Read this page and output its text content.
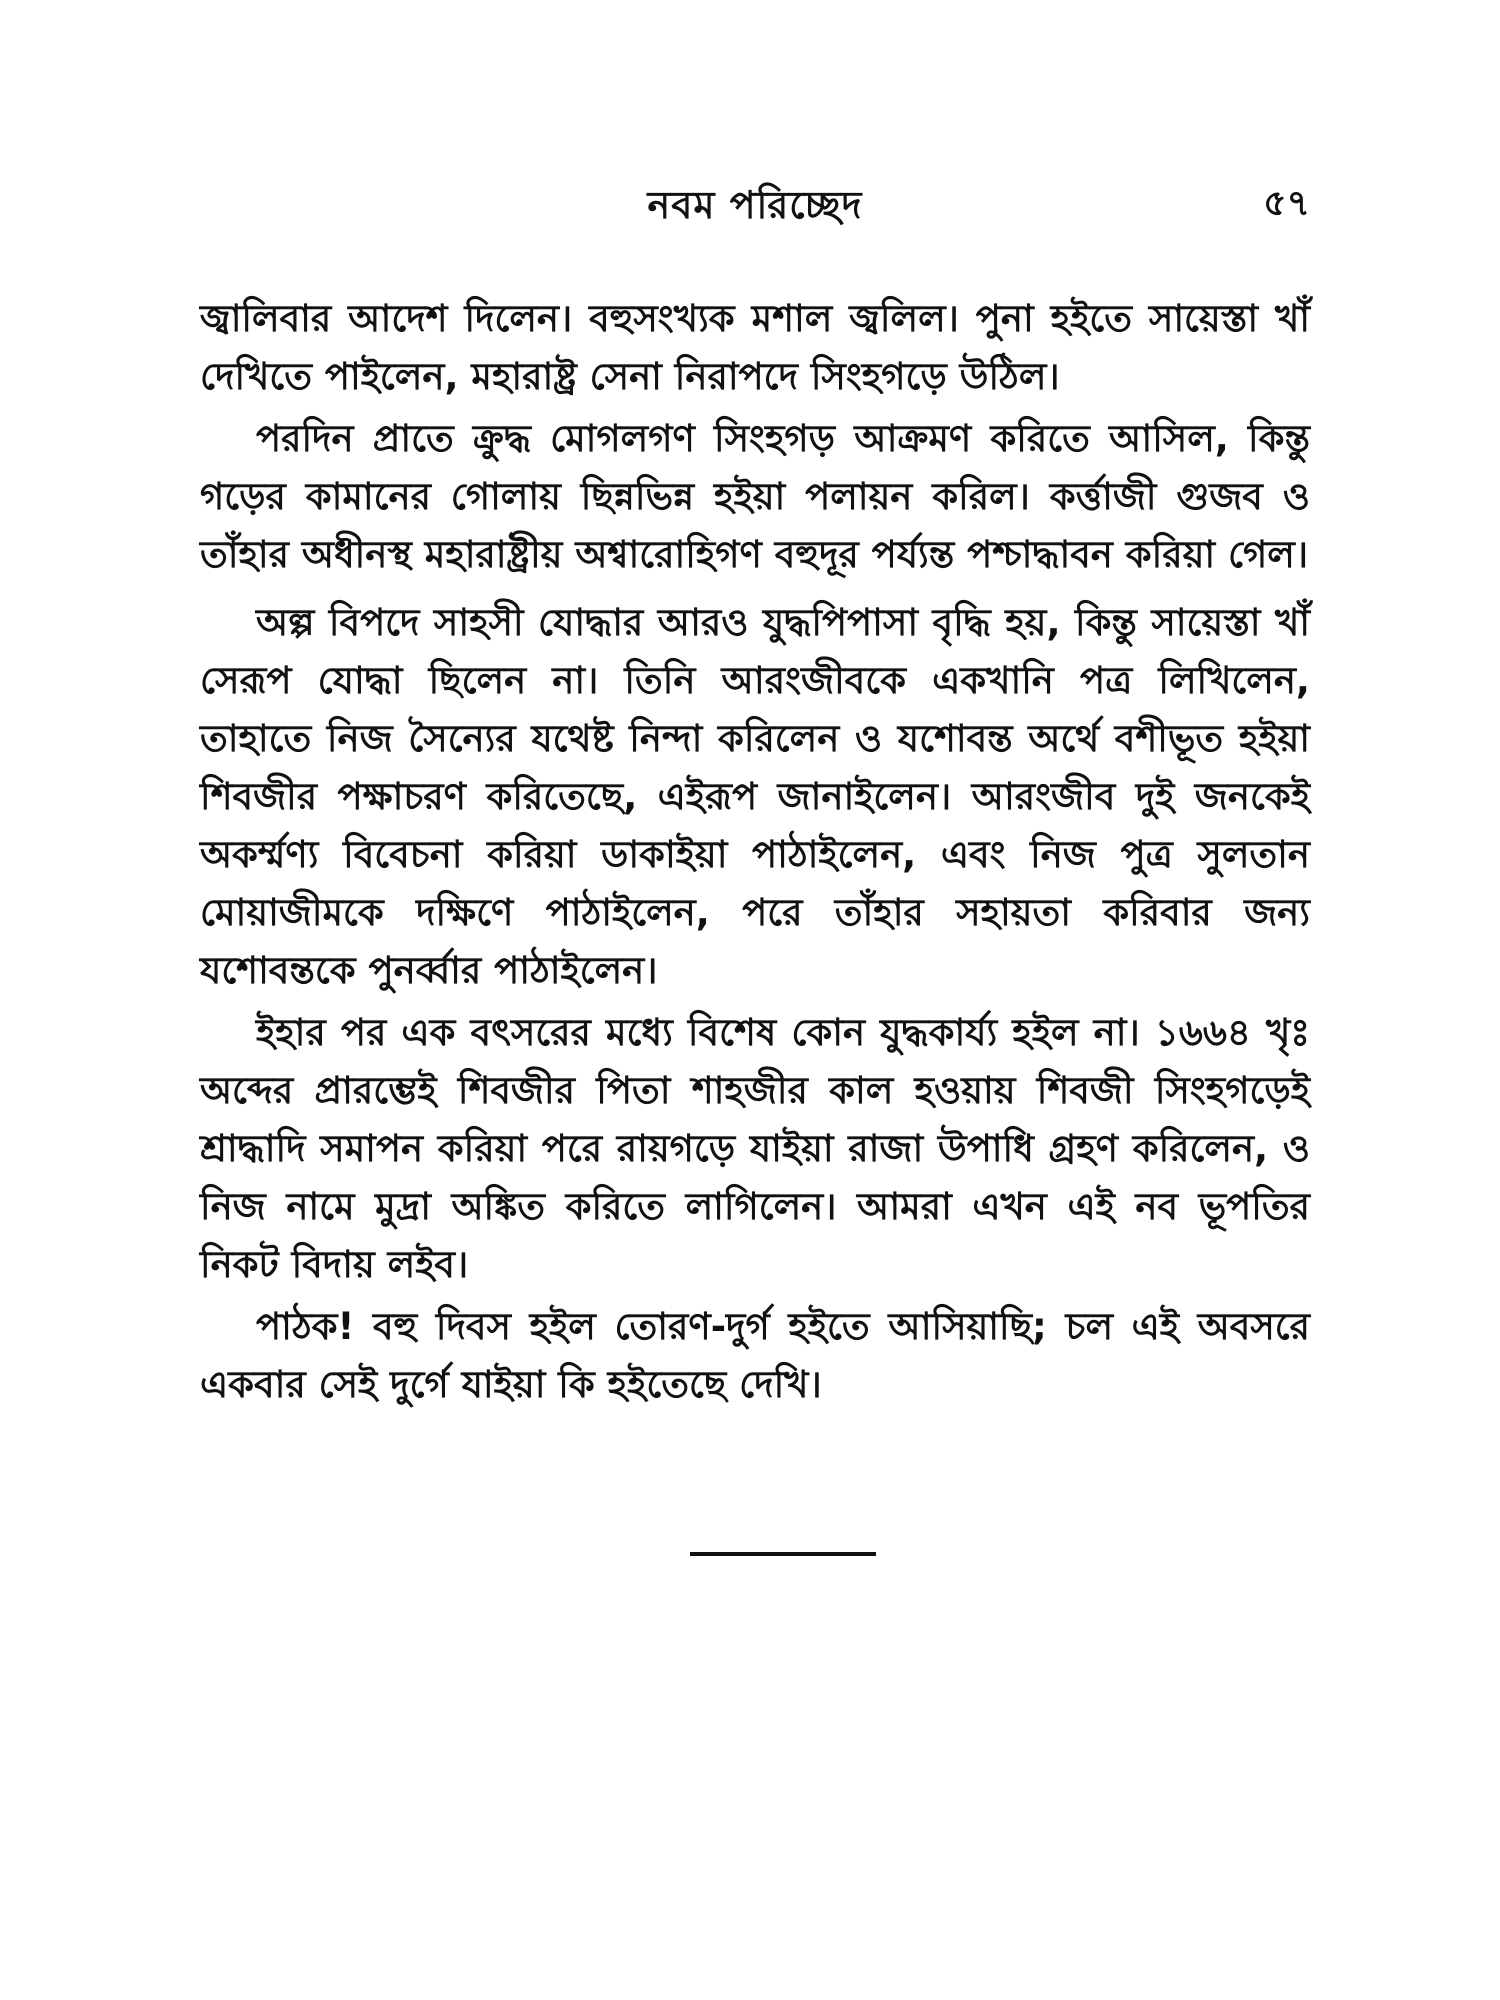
নবম পরিচ্ছেদ	৫৭

জ্বালিবার আদেশ দিলেন। বহুসংখ্যক মশাল জ্বলিল। পুনা হইতে সায়েস্তা খাঁ দেখিতে পাইলেন, মহারাষ্ট্র সেনা নিরাপদে সিংহগড়ে উঠিল।

পরদিন প্রাতে ক্রুদ্ধ মোগলগণ সিংহগড় আক্রমণ করিতে আসিল, কিন্তু গড়ের কামানের গোলায় ছিন্নভিন্ন হইয়া পলায়ন করিল। কর্ত্তাজী গুজব ও তাঁহার অধীনস্থ মহারাষ্ট্রীয় অশ্বারোহিগণ বহুদূর পর্য্যন্ত পশ্চাদ্ধাবন করিয়া গেল।

অল্প বিপদে সাহসী যোদ্ধার আরও যুদ্ধপিপাসা বৃদ্ধি হয়, কিন্তু সায়েস্তা খাঁ সেরূপ যোদ্ধা ছিলেন না। তিনি আরংজীবকে একখানি পত্র লিখিলেন, তাহাতে নিজ সৈন্যের যথেষ্ট নিন্দা করিলেন ও যশোবন্ত অর্থে বশীভূত হইয়া শিবজীর পক্ষাচরণ করিতেছে, এইরূপ জানাইলেন। আরংজীব দুই জনকেই অকর্ম্মণ্য বিবেচনা করিয়া ডাকাইয়া পাঠাইলেন, এবং নিজ পুত্র সুলতান মোয়াজীমকে দক্ষিণে পাঠাইলেন, পরে তাঁহার সহায়তা করিবার জন্য যশোবন্তকে পুনর্ব্বার পাঠাইলেন।

ইহার পর এক বৎসরের মধ্যে বিশেষ কোন যুদ্ধকার্য্য হইল না। ১৬৬৪ খৃঃ অব্দের প্রারম্ভেই শিবজীর পিতা শাহজীর কাল হওয়ায় শিবজী সিংহগড়েই শ্রাদ্ধাদি সমাপন করিয়া পরে রায়গড়ে যাইয়া রাজা উপাধি গ্রহণ করিলেন, ও নিজ নামে মুদ্রা অঙ্কিত করিতে লাগিলেন। আমরা এখন এই নব ভূপতির নিকট বিদায় লইব।

পাঠক! বহু দিবস হইল তোরণ-দুর্গ হইতে আসিয়াছি; চল এই অবসরে একবার সেই দুর্গে যাইয়া কি হইতেছে দেখি।
